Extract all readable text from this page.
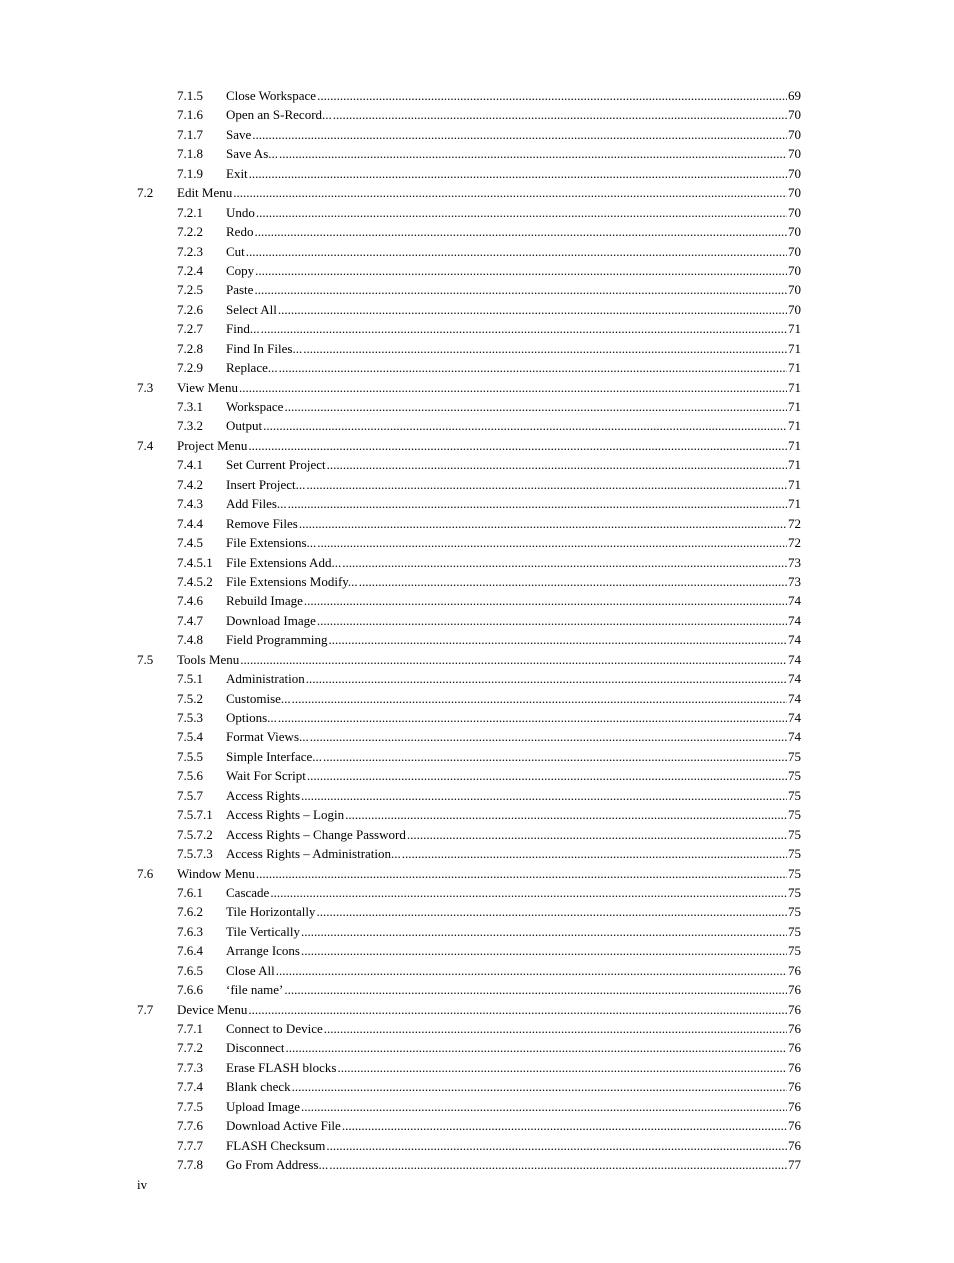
7.1.5 Close Workspace .....	69
7.1.6 Open an S-Record... .....	70
7.1.7 Save .....	70
7.1.8 Save As... .....	70
7.1.9 Exit .....	70
7.2 Edit Menu .....	70
7.2.1 Undo .....	70
7.2.2 Redo .....	70
7.2.3 Cut .....	70
7.2.4 Copy .....	70
7.2.5 Paste .....	70
7.2.6 Select All .....	70
7.2.7 Find... .....	71
7.2.8 Find In Files... .....	71
7.2.9 Replace... .....	71
7.3 View Menu .....	71
7.3.1 Workspace .....	71
7.3.2 Output .....	71
7.4 Project Menu .....	71
7.4.1 Set Current Project .....	71
7.4.2 Insert Project... .....	71
7.4.3 Add Files... .....	71
7.4.4 Remove Files .....	72
7.4.5 File Extensions... .....	72
7.4.5.1 File Extensions Add... .....	73
7.4.5.2 File Extensions Modify... .....	73
7.4.6 Rebuild Image .....	74
7.4.7 Download Image .....	74
7.4.8 Field Programming .....	74
7.5 Tools Menu .....	74
7.5.1 Administration .....	74
7.5.2 Customise... .....	74
7.5.3 Options... .....	74
7.5.4 Format Views... .....	74
7.5.5 Simple Interface... .....	75
7.5.6 Wait For Script .....	75
7.5.7 Access Rights .....	75
7.5.7.1 Access Rights – Login .....	75
7.5.7.2 Access Rights – Change Password .....	75
7.5.7.3 Access Rights – Administration... .....	75
7.6 Window Menu .....	75
7.6.1 Cascade .....	75
7.6.2 Tile Horizontally .....	75
7.6.3 Tile Vertically .....	75
7.6.4 Arrange Icons .....	75
7.6.5 Close All .....	76
7.6.6 ‘file name’ .....	76
7.7 Device Menu .....	76
7.7.1 Connect to Device .....	76
7.7.2 Disconnect .....	76
7.7.3 Erase FLASH blocks .....	76
7.7.4 Blank check .....	76
7.7.5 Upload Image .....	76
7.7.6 Download Active File .....	76
7.7.7 FLASH Checksum .....	76
7.7.8 Go From Address... .....	77
iv
